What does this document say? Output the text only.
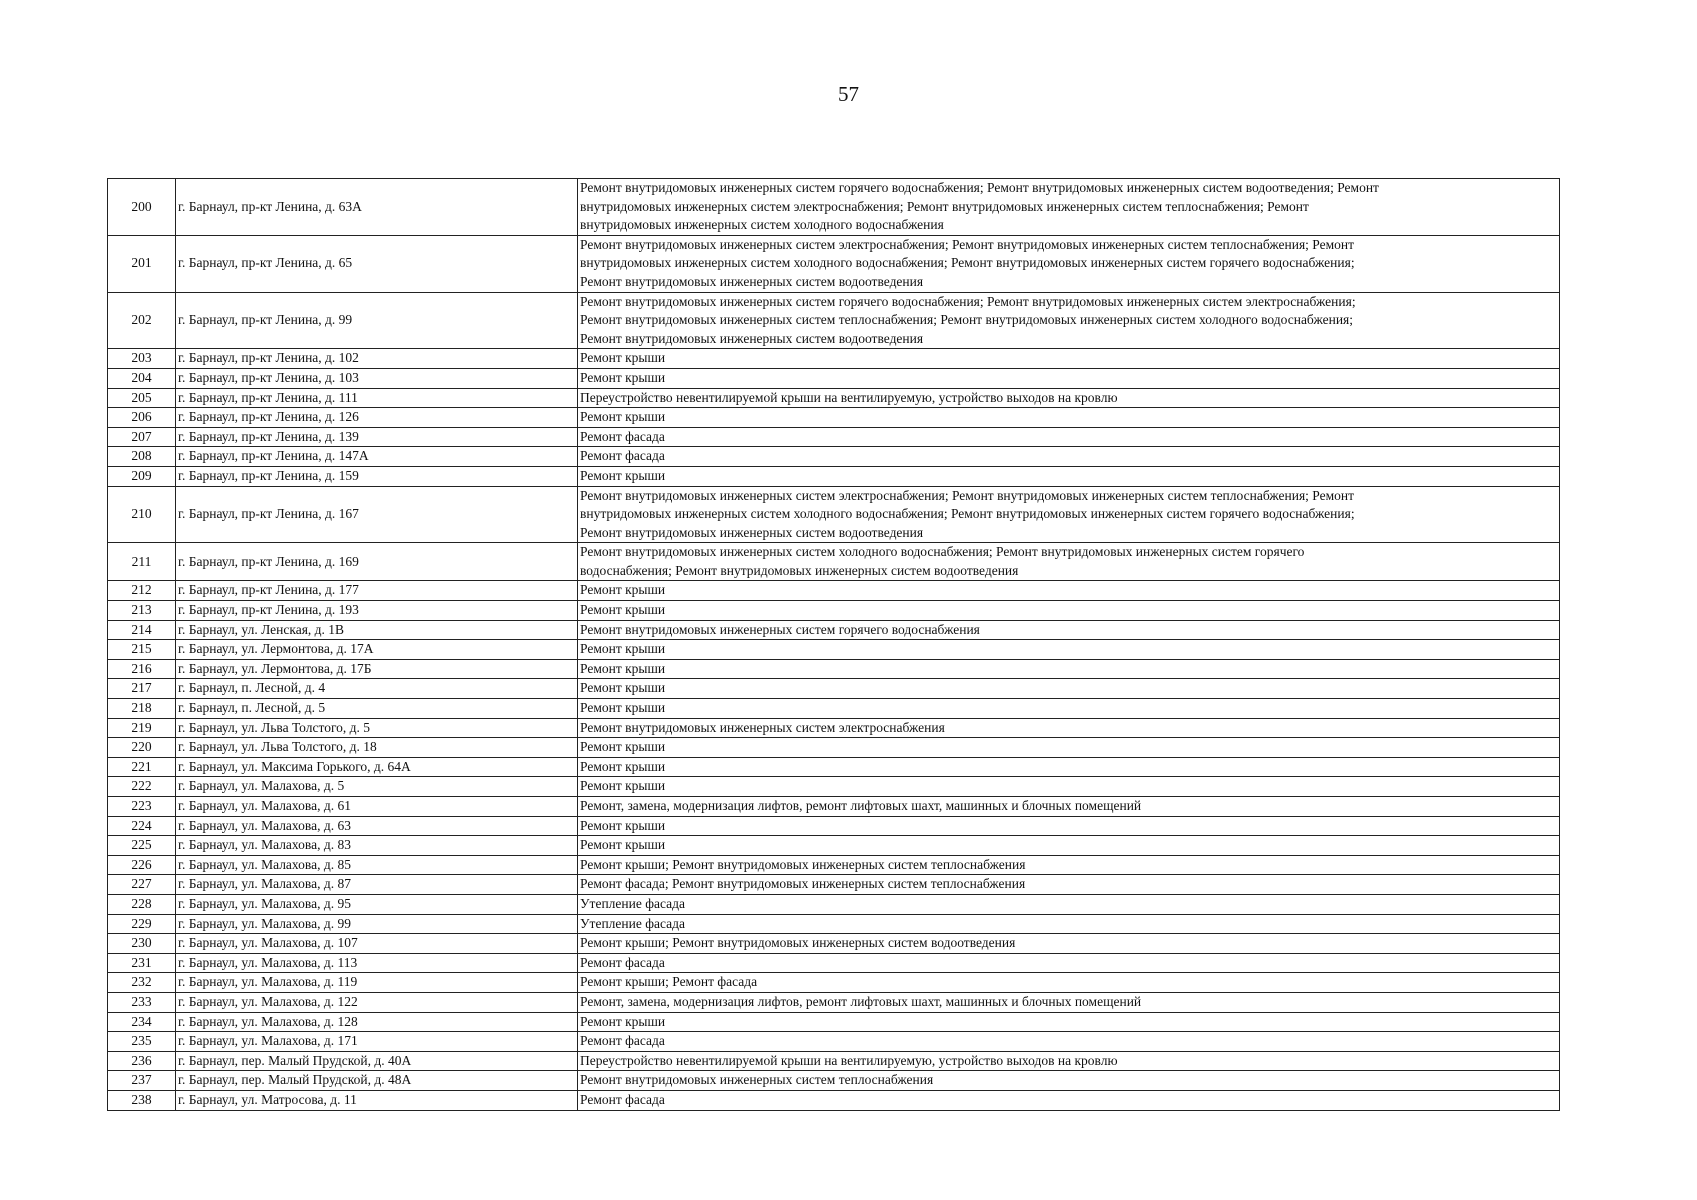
57
200	г. Барнаул, пр-кт Ленина, д. 63А	Ремонт внутридомовых инженерных систем горячего водоснабжения; Ремонт внутридомовых инженерных систем водоотведения; Ремонт
внутридомовых инженерных систем электроснабжения; Ремонт внутридомовых инженерных систем теплоснабжения; Ремонт
внутридомовых инженерных систем холодного водоснабжения

201	г. Барнаул, пр-кт Ленина, д. 65	Ремонт внутридомовых инженерных систем электроснабжения; Ремонт внутридомовых инженерных систем теплоснабжения; Ремонт
внутридомовых инженерных систем холодного водоснабжения; Ремонт внутридомовых инженерных систем горячего водоснабжения;
Ремонт внутридомовых инженерных систем водоотведения

202	г. Барнаул, пр-кт Ленина, д. 99	Ремонт внутридомовых инженерных систем горячего водоснабжения; Ремонт внутридомовых инженерных систем электроснабжения;
Ремонт внутридомовых инженерных систем теплоснабжения; Ремонт внутридомовых инженерных систем холодного водоснабжения;
Ремонт внутридомовых инженерных систем водоотведения

203	г. Барнаул, пр-кт Ленина, д. 102	Ремонт крыши

204	г. Барнаул, пр-кт Ленина, д. 103	Ремонт крыши

205	г. Барнаул, пр-кт Ленина, д. 111	Переустройство невентилируемой крыши на вентилируемую, устройство выходов на кровлю

206	г. Барнаул, пр-кт Ленина, д. 126	Ремонт крыши

207	г. Барнаул, пр-кт Ленина, д. 139	Ремонт фасада

208	г. Барнаул, пр-кт Ленина, д. 147А	Ремонт фасада

209	г. Барнаул, пр-кт Ленина, д. 159	Ремонт крыши

210	г. Барнаул, пр-кт Ленина, д. 167	Ремонт внутридомовых инженерных систем электроснабжения; Ремонт внутридомовых инженерных систем теплоснабжения; Ремонт
внутридомовых инженерных систем холодного водоснабжения; Ремонт внутридомовых инженерных систем горячего водоснабжения;
Ремонт внутридомовых инженерных систем водоотведения

211	г. Барнаул, пр-кт Ленина, д. 169	Ремонт внутридомовых инженерных систем холодного водоснабжения; Ремонт внутридомовых инженерных систем горячего
водоснабжения; Ремонт внутридомовых инженерных систем водоотведения

212	г. Барнаул, пр-кт Ленина, д. 177	Ремонт крыши

213	г. Барнаул, пр-кт Ленина, д. 193	Ремонт крыши

214	г. Барнаул, ул. Ленская, д. 1В	Ремонт внутридомовых инженерных систем горячего водоснабжения

215	г. Барнаул, ул. Лермонтова, д. 17А	Ремонт крыши

216	г. Барнаул, ул. Лермонтова, д. 17Б	Ремонт крыши

217	г. Барнаул, п. Лесной, д. 4	Ремонт крыши

218	г. Барнаул, п. Лесной, д. 5	Ремонт крыши

219	г. Барнаул, ул. Льва Толстого, д. 5	Ремонт внутридомовых инженерных систем электроснабжения

220	г. Барнаул, ул. Льва Толстого, д. 18	Ремонт крыши

221	г. Барнаул, ул. Максима Горького, д. 64А	Ремонт крыши

222	г. Барнаул, ул. Малахова, д. 5	Ремонт крыши

223	г. Барнаул, ул. Малахова, д. 61	Ремонт, замена, модернизация лифтов, ремонт лифтовых шахт, машинных и блочных помещений

224	г. Барнаул, ул. Малахова, д. 63	Ремонт крыши

225	г. Барнаул, ул. Малахова, д. 83	Ремонт крыши

226	г. Барнаул, ул. Малахова, д. 85	Ремонт крыши; Ремонт внутридомовых инженерных систем теплоснабжения

227	г. Барнаул, ул. Малахова, д. 87	Ремонт фасада; Ремонт внутридомовых инженерных систем теплоснабжения

228	г. Барнаул, ул. Малахова, д. 95	Утепление фасада

229	г. Барнаул, ул. Малахова, д. 99	Утепление фасада

230	г. Барнаул, ул. Малахова, д. 107	Ремонт крыши; Ремонт внутридомовых инженерных систем водоотведения

231	г. Барнаул, ул. Малахова, д. 113	Ремонт фасада

232	г. Барнаул, ул. Малахова, д. 119	Ремонт крыши; Ремонт фасада

233	г. Барнаул, ул. Малахова, д. 122	Ремонт, замена, модернизация лифтов, ремонт лифтовых шахт, машинных и блочных помещений

234	г. Барнаул, ул. Малахова, д. 128	Ремонт крыши

235	г. Барнаул, ул. Малахова, д. 171	Ремонт фасада

236	г. Барнаул, пер. Малый Прудской, д. 40А	Переустройство невентилируемой крыши на вентилируемую, устройство выходов на кровлю

237	г. Барнаул, пер. Малый Прудской, д. 48А	Ремонт внутридомовых инженерных систем теплоснабжения

238	г. Барнаул, ул. Матросова, д. 11	Ремонт фасада
